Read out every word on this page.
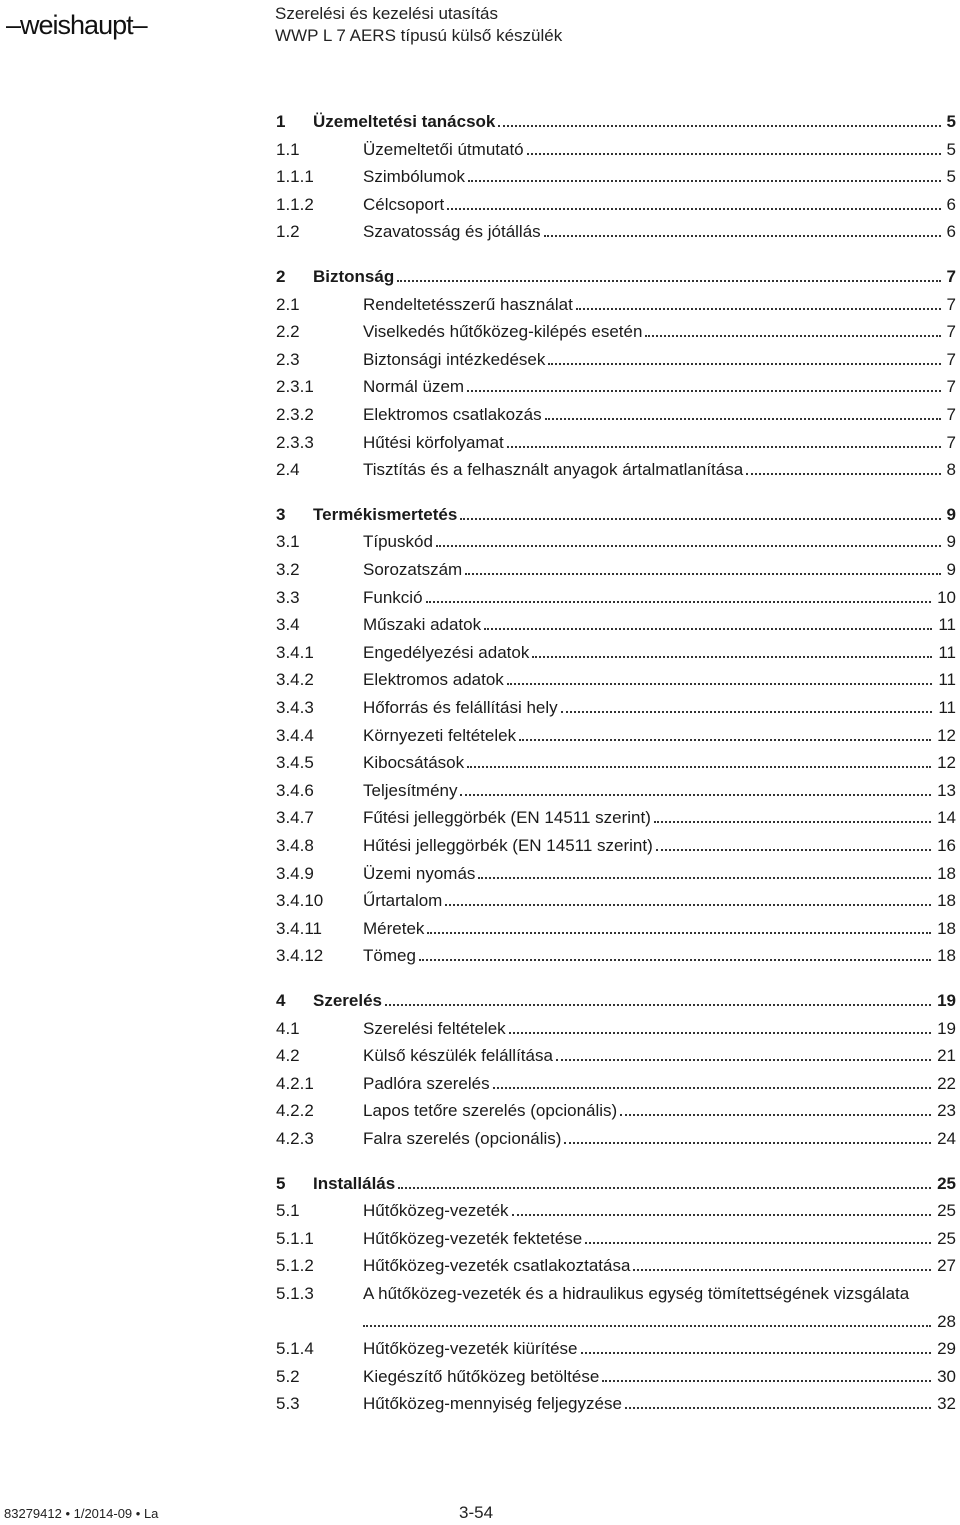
–weishaupt–	Szerelési és kezelési utasítás
WWP L 7 AERS típusú külső készülék
1 Üzemeltetési tanácsok	5
1.1	Üzemeltetői útmutató	5
1.1.1	Szimbólumok	5
1.1.2	Célcsoport	6
1.2	Szavatosság és jótállás	6
2 Biztonság	7
2.1	Rendeltetésszerű használat	7
2.2	Viselkedés hűtőközeg-kilépés esetén	7
2.3	Biztonsági intézkedések	7
2.3.1	Normál üzem	7
2.3.2	Elektromos csatlakozás	7
2.3.3	Hűtési körfolyamat	7
2.4	Tisztítás és a felhasznált anyagok ártalmatlanítása	8
3 Termékismertetés	9
3.1	Típuskód	9
3.2	Sorozatszám	9
3.3	Funkció	10
3.4	Műszaki adatok	11
3.4.1	Engedélyezési adatok	11
3.4.2	Elektromos adatok	11
3.4.3	Hőforrás és felállítási hely	11
3.4.4	Környezeti feltételek	12
3.4.5	Kibocsátások	12
3.4.6	Teljesítmény	13
3.4.7	Fűtési jelleggörbék (EN 14511 szerint)	14
3.4.8	Hűtési jelleggörbék (EN 14511 szerint)	16
3.4.9	Üzemi nyomás	18
3.4.10 Űrtartalom	18
3.4.11 Méretek	18
3.4.12 Tömeg	18
4 Szerelés	19
4.1	Szerelési feltételek	19
4.2	Külső készülék felállítása	21
4.2.1	Padlóra szerelés	22
4.2.2	Lapos tetőre szerelés (opcionális)	23
4.2.3	Falra szerelés (opcionális)	24
5 Installálás	25
5.1	Hűtőközeg-vezeték	25
5.1.1	Hűtőközeg-vezeték fektetése	25
5.1.2	Hűtőközeg-vezeték csatlakoztatása	27
5.1.3	A hűtőközeg-vezeték és a hidraulikus egység tömítettségének vizsgálata
28
5.1.4	Hűtőközeg-vezeték kiürítése	29
5.2	Kiegészítő hűtőközeg betöltése	30
5.3	Hűtőközeg-mennyiség feljegyzése	32
83279412 • 1/2014-09 • La	3-54
